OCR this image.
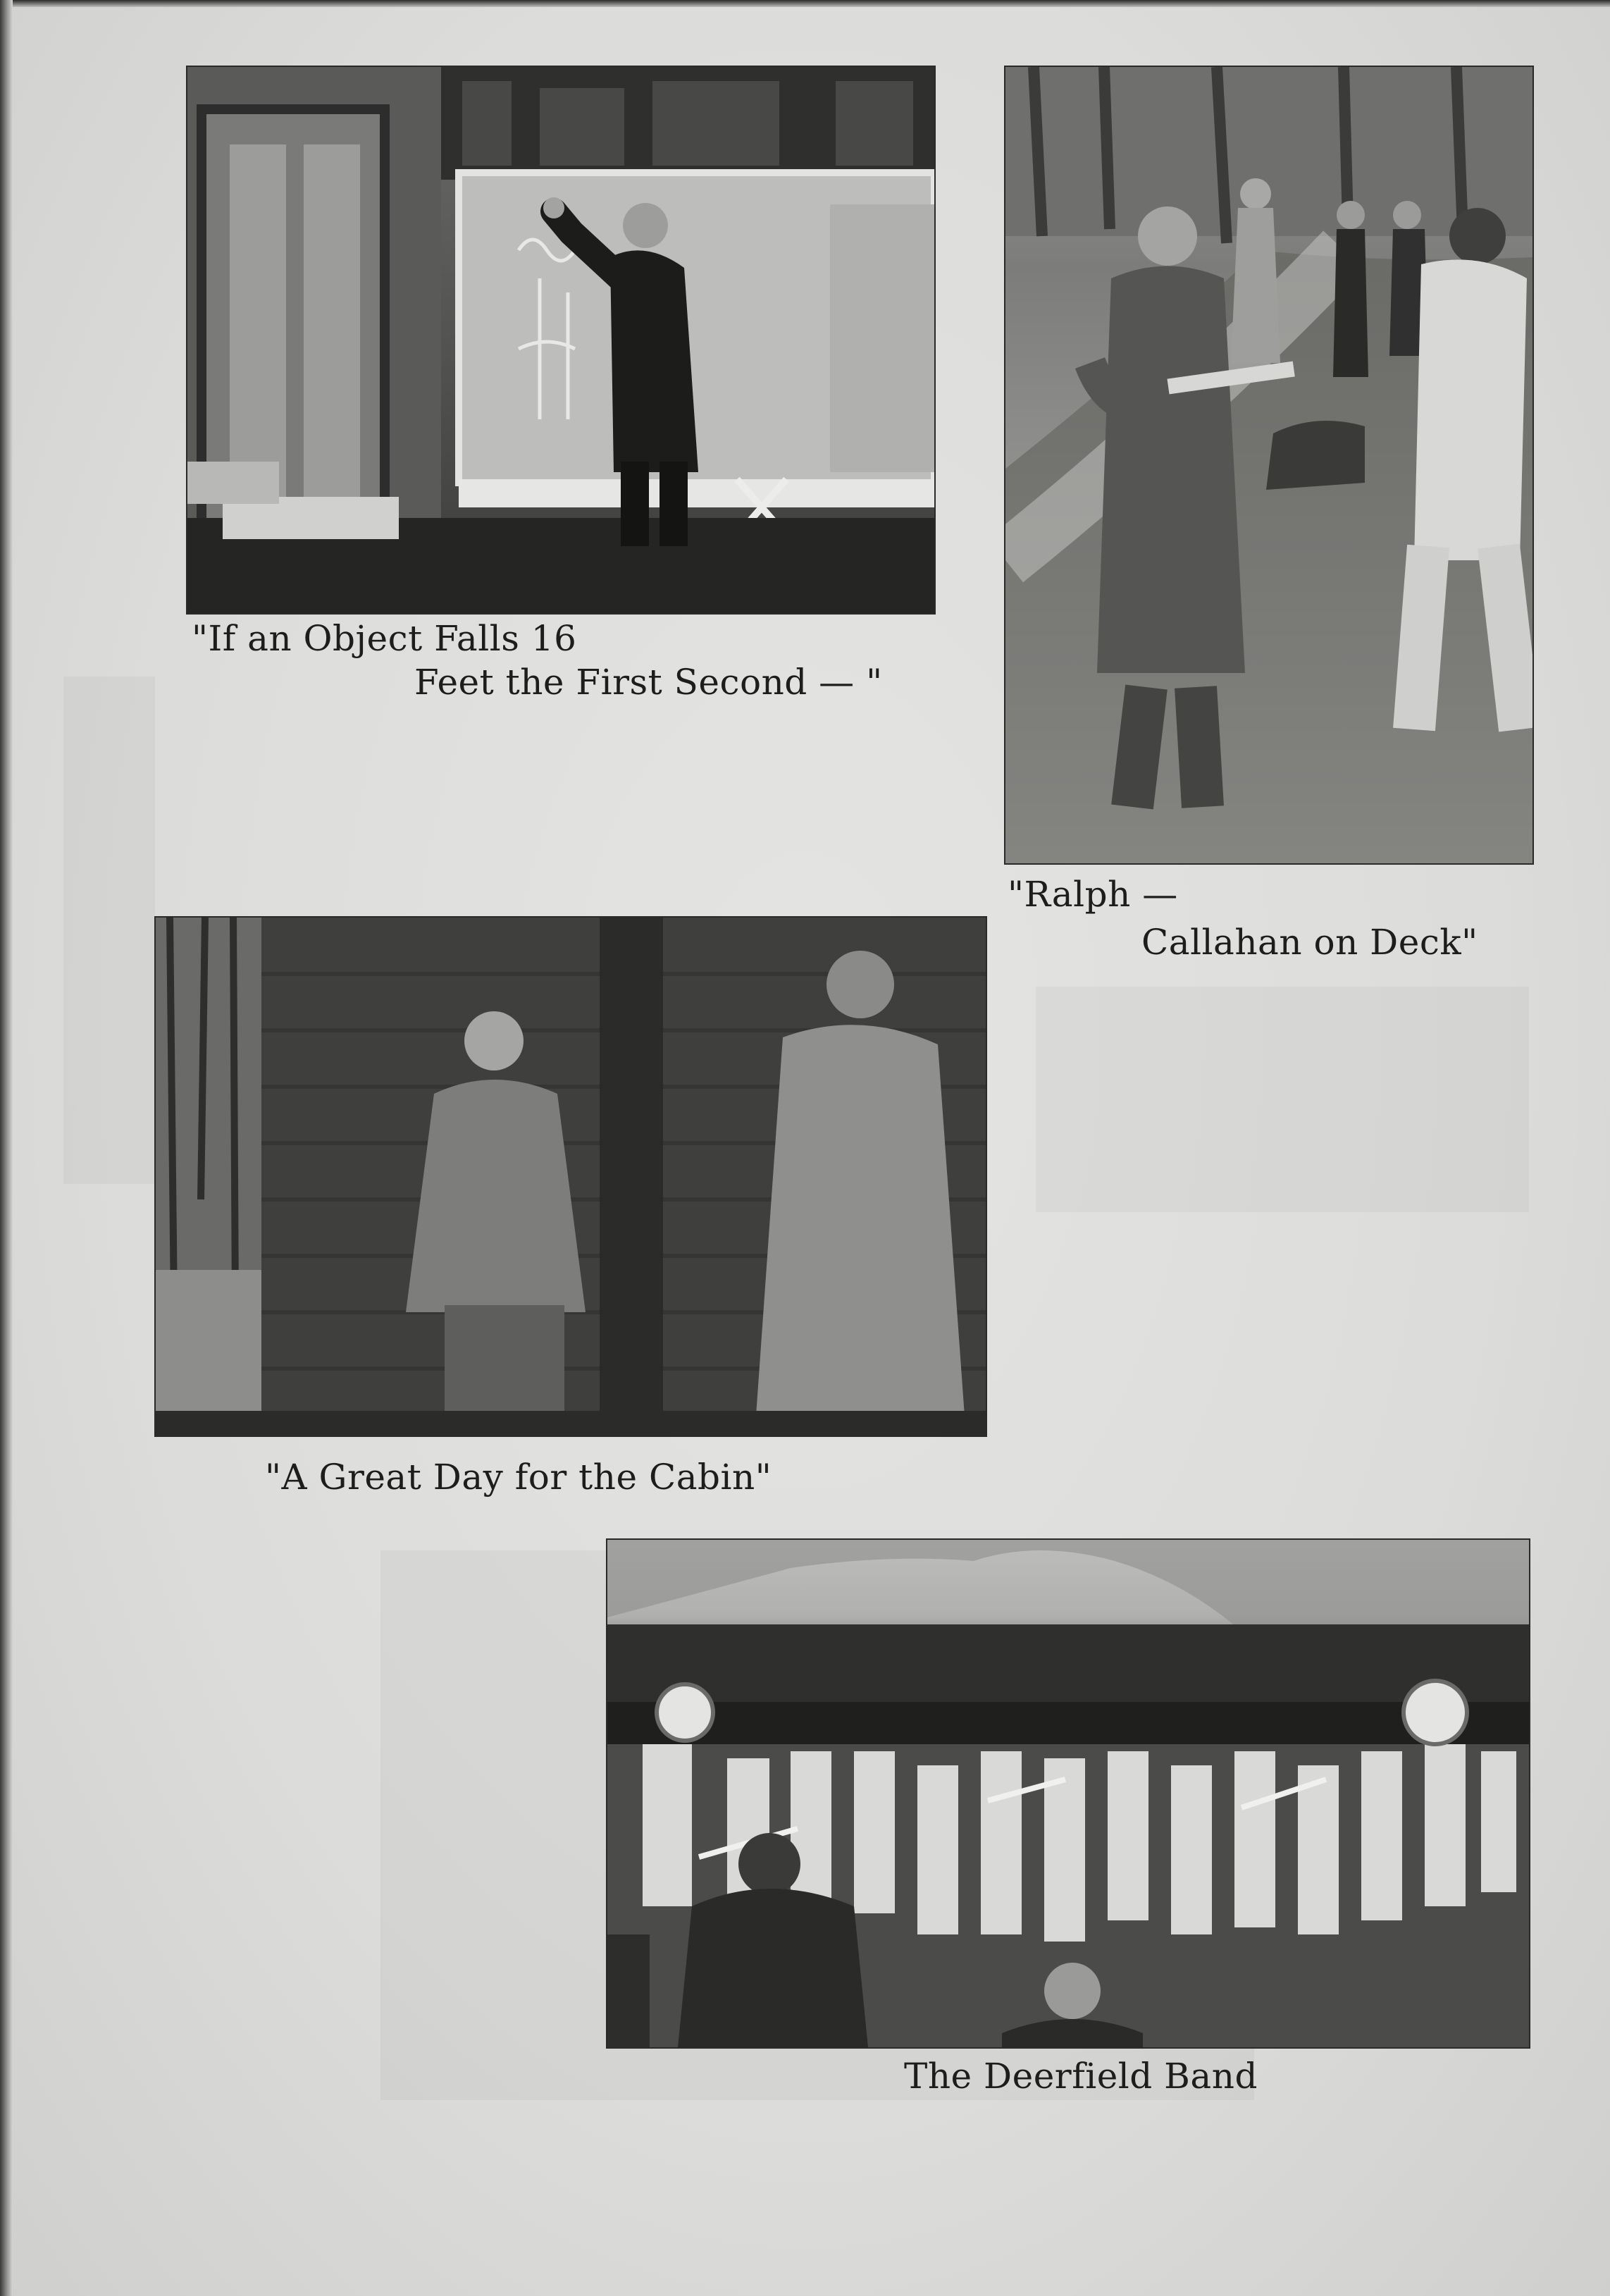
"If an Object Falls 16
Feet the First Second — "
"Ralph —
Callahan on Deck"
"A Great Day for the Cabin"
The Deerfield Band
